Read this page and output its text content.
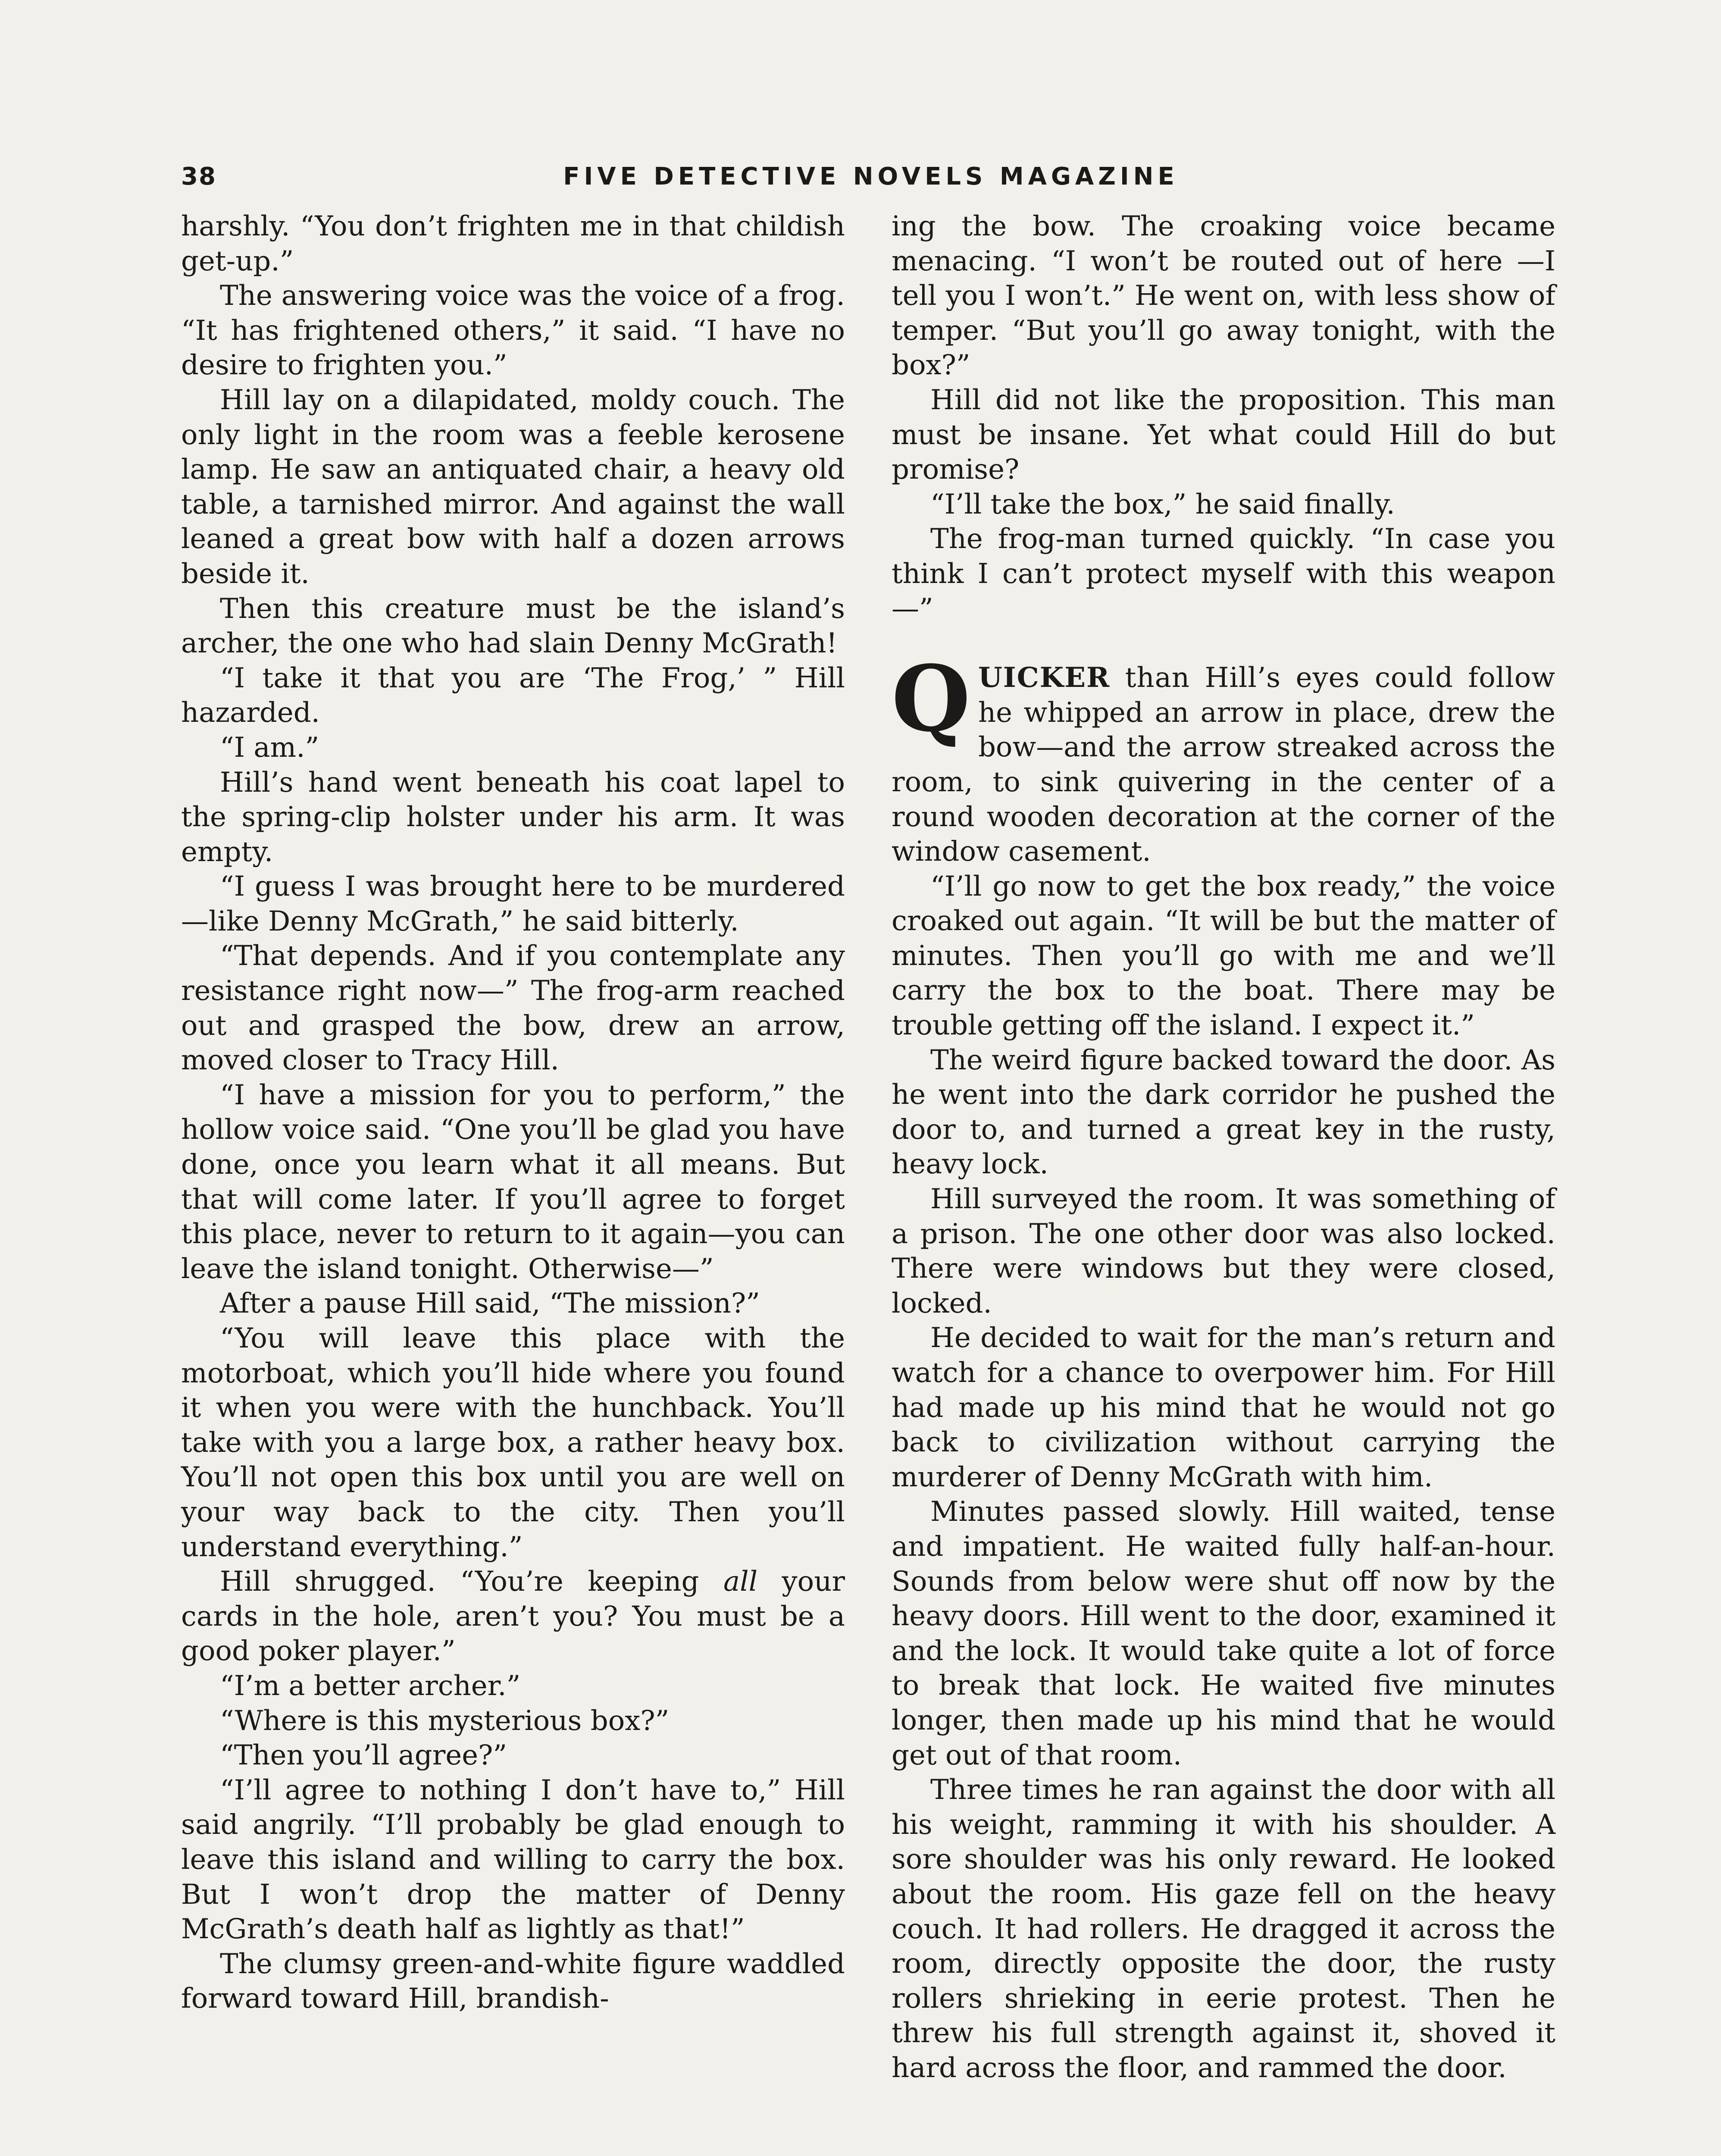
38	FIVE DETECTIVE NOVELS MAGAZINE

harshly. “You don’t frighten me in that childish get-up.”

The answering voice was the voice of a frog. “It has frightened others,” it said. “I have no desire to frighten you.”

Hill lay on a dilapidated, moldy couch. The only light in the room was a feeble kerosene lamp. He saw an antiquated chair, a heavy old table, a tarnished mirror. And against the wall leaned a great bow with half a dozen arrows beside it.

Then this creature must be the island’s archer, the one who had slain Denny McGrath!

“I take it that you are ‘The Frog,’ ” Hill hazarded.

“I am.”

Hill’s hand went beneath his coat lapel to the spring-clip holster under his arm. It was empty.

“I guess I was brought here to be murdered—like Denny McGrath,” he said bitterly.

“That depends. And if you contemplate any resistance right now—” The frog-arm reached out and grasped the bow, drew an arrow, moved closer to Tracy Hill.

“I have a mission for you to perform,” the hollow voice said. “One you’ll be glad you have done, once you learn what it all means. But that will come later. If you’ll agree to forget this place, never to return to it again—you can leave the island tonight. Otherwise—”

After a pause Hill said, “The mission?”

“You will leave this place with the motorboat, which you’ll hide where you found it when you were with the hunchback. You’ll take with you a large box, a rather heavy box. You’ll not open this box until you are well on your way back to the city. Then you’ll understand everything.”

Hill shrugged. “You’re keeping all your cards in the hole, aren’t you? You must be a good poker player.”

“I’m a better archer.”

“Where is this mysterious box?”

“Then you’ll agree?”

“I’ll agree to nothing I don’t have to,” Hill said angrily. “I’ll probably be glad enough to leave this island and willing to carry the box. But I won’t drop the matter of Denny McGrath’s death half as lightly as that!”

The clumsy green-and-white figure waddled forward toward Hill, brandish-

ing the bow. The croaking voice became menacing. “I won’t be routed out of here —I tell you I won’t.” He went on, with less show of temper. “But you’ll go away tonight, with the box?”

Hill did not like the proposition. This man must be insane. Yet what could Hill do but promise?

“I’ll take the box,” he said finally.

The frog-man turned quickly. “In case you think I can’t protect myself with this weapon—”

QUICKER than Hill’s eyes could follow he whipped an arrow in place, drew the bow—and the arrow streaked across the room, to sink quivering in the center of a round wooden decoration at the corner of the window casement.

“I’ll go now to get the box ready,” the voice croaked out again. “It will be but the matter of minutes. Then you’ll go with me and we’ll carry the box to the boat. There may be trouble getting off the island. I expect it.”

The weird figure backed toward the door. As he went into the dark corridor he pushed the door to, and turned a great key in the rusty, heavy lock.

Hill surveyed the room. It was something of a prison. The one other door was also locked. There were windows but they were closed, locked.

He decided to wait for the man’s return and watch for a chance to overpower him. For Hill had made up his mind that he would not go back to civilization without carrying the murderer of Denny McGrath with him.

Minutes passed slowly. Hill waited, tense and impatient. He waited fully half-an-hour. Sounds from below were shut off now by the heavy doors. Hill went to the door, examined it and the lock. It would take quite a lot of force to break that lock. He waited five minutes longer, then made up his mind that he would get out of that room.

Three times he ran against the door with all his weight, ramming it with his shoulder. A sore shoulder was his only reward. He looked about the room. His gaze fell on the heavy couch. It had rollers. He dragged it across the room, directly opposite the door, the rusty rollers shrieking in eerie protest. Then he threw his full strength against it, shoved it hard across the floor, and rammed the door.
